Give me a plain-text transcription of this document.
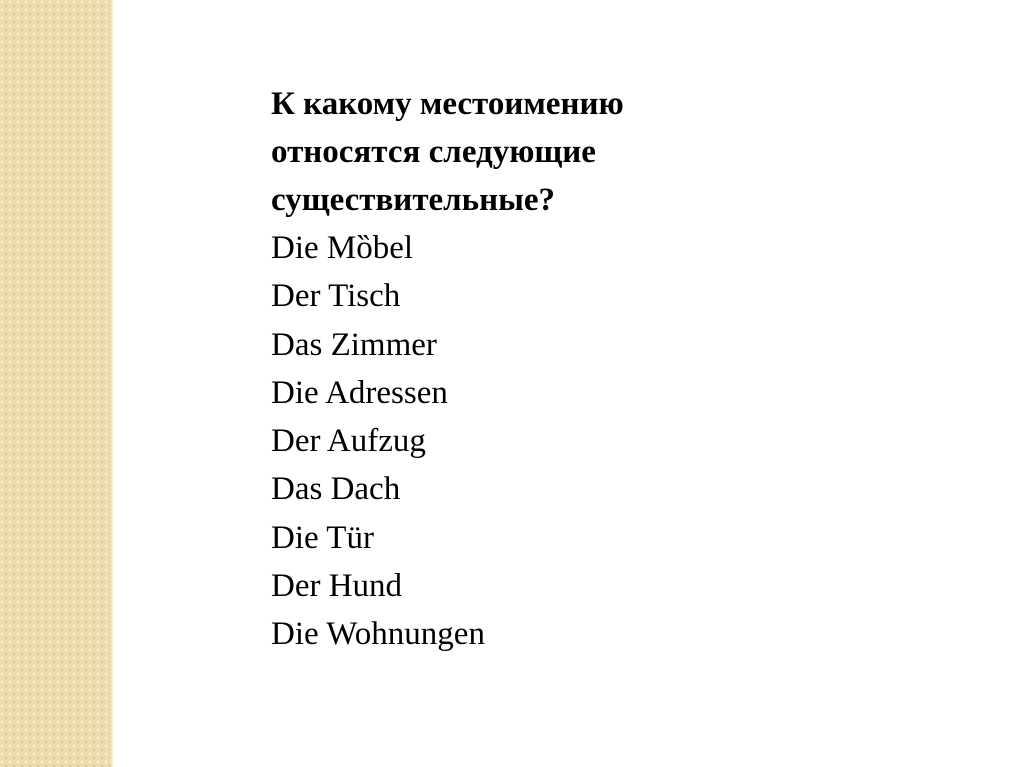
К какому местоимению
относятся следующие
существительные?

Die Mȍbel
Der Tisch
Das Zimmer
Die Adressen
Der Aufzug
Das Dach
Die Tür
Der Hund
Die Wohnungen
